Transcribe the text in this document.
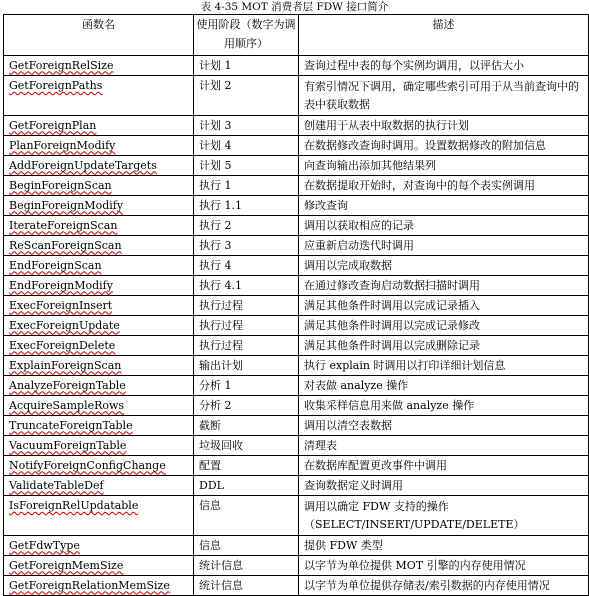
表 4-35 MOT 消费者层 FDW 接口简介
函数名	使用阶段（数字为调用顺序）	描述
GetForeignRelSize	计划 1	查询过程中表的每个实例均调用，以评估大小
GetForeignPaths	计划 2	有索引情况下调用，确定哪些索引可用于从当前查询中的表中获取数据
GetForeignPlan	计划 3	创建用于从表中取数据的执行计划
PlanForeignModify	计划 4	在数据修改查询时调用。设置数据修改的附加信息
AddForeignUpdateTargets	计划 5	向查询输出添加其他结果列
BeginForeignScan	执行 1	在数据提取开始时，对查询中的每个表实例调用
BeginForeignModify	执行 1.1	修改查询
IterateForeignScan	执行 2	调用以获取相应的记录
ReScanForeignScan	执行 3	应重新启动迭代时调用
EndForeignScan	执行 4	调用以完成取数据
EndForeignModify	执行 4.1	在通过修改查询启动数据扫描时调用
ExecForeignInsert	执行过程	满足其他条件时调用以完成记录插入
ExecForeignUpdate	执行过程	满足其他条件时调用以完成记录修改
ExecForeignDelete	执行过程	满足其他条件时调用以完成删除记录
ExplainForeignScan	输出计划	执行 explain 时调用以打印详细计划信息
AnalyzeForeignTable	分析 1	对表做 analyze 操作
AcquireSampleRows	分析 2	收集采样信息用来做 analyze 操作
TruncateForeignTable	截断	调用以清空表数据
VacuumForeignTable	垃圾回收	清理表
NotifyForeignConfigChange	配置	在数据库配置更改事件中调用
ValidateTableDef	DDL	查询数据定义时调用
IsForeignRelUpdatable	信息	调用以确定 FDW 支持的操作（SELECT/INSERT/UPDATE/DELETE）
GetFdwType	信息	提供 FDW 类型
GetForeignMemSize	统计信息	以字节为单位提供 MOT 引擎的内存使用情况
GetForeignRelationMemSize	统计信息	以字节为单位提供存储表/索引数据的内存使用情况
